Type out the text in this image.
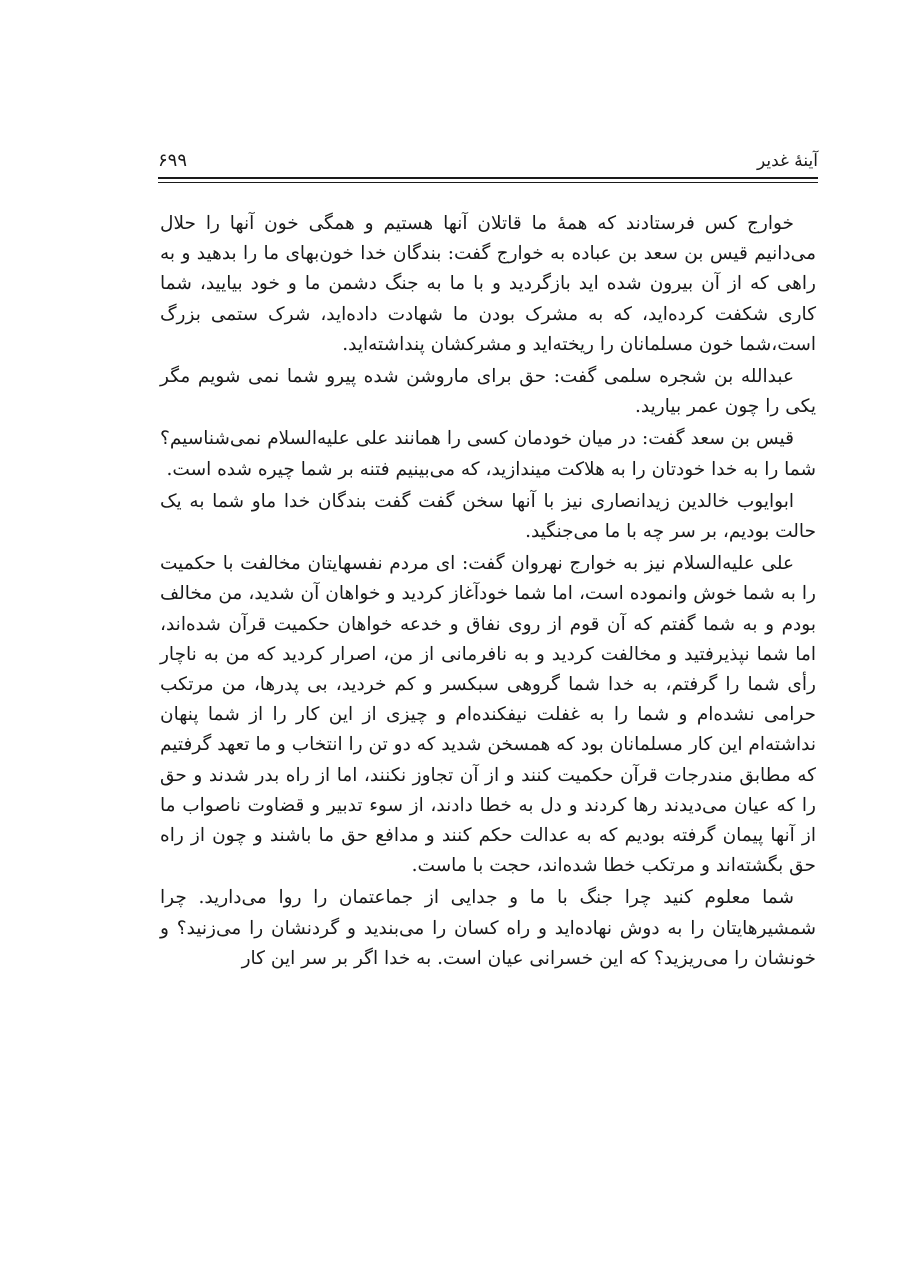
آینهٔ غدیر
۶۹۹

خوارج کس فرستادند که همهٔ ما قاتلان آنها هستیم و همگی خون آنها را حلال می‌دانیم قیس بن سعد بن عباده به خوارج گفت: بندگان خدا خون‌بهای ما را بدهید و به راهی که از آن بیرون شده اید بازگردید و با ما به جنگ دشمن ما و خود بیایید، شما کاری شکفت کرده‌اید، که به مشرک بودن ما شهادت داده‌اید، شرک ستمی بزرگ است،شما خون مسلمانان را ریخته‌اید و مشرکشان پنداشته‌اید.

عبدالله بن شجره سلمی گفت: حق برای ماروشن شده پیرو شما نمی شویم مگر یکی را چون عمر بیارید.

قیس بن سعد گفت: در میان خودمان کسی را همانند علی عليه‌السلام نمی‌شناسیم؟ شما را به خدا خودتان را به هلاکت میندازید، که می‌بینیم فتنه بر شما چیره شده است.

ابوایوب خالدین زیدانصاری نیز با آنها سخن گفت گفت بندگان خدا ماو شما به یک حالت بودیم، بر سر چه با ما می‌جنگید.

علی عليه‌السلام نیز به خوارج نهروان گفت: ای مردم نفسهایتان مخالفت با حکمیت را به شما خوش وانموده است، اما شما خودآغاز کردید و خواهان آن شدید، من مخالف بودم و به شما گفتم که آن قوم از روی نفاق و خدعه خواهان حکمیت قرآن شده‌اند، اما شما نپذیرفتید و مخالفت کردید و به نافرمانی از من، اصرار کردید که من به ناچار رأی شما را گرفتم، به خدا شما گروهی سبکسر و کم خردید، بی پدرها، من مرتکب حرامی نشده‌ام و شما را به غفلت نیفکنده‌ام و چیزی از این کار را از شما پنهان نداشته‌ام این کار مسلمانان بود که همسخن شدید که دو تن را انتخاب و ما تعهد گرفتیم که مطابق مندرجات قرآن حکمیت کنند و از آن تجاوز نکنند، اما از راه بدر شدند و حق را که عیان می‌دیدند رها کردند و دل به خطا دادند، از سوء تدبیر و قضاوت ناصواب ما از آنها پیمان گرفته بودیم که به عدالت حکم کنند و مدافع حق ما باشند و چون از راه حق بگشته‌اند و مرتکب خطا شده‌اند، حجت با ماست.

شما معلوم کنید چرا جنگ با ما و جدایی از جماعتمان را روا می‌دارید. چرا شمشیرهایتان را به دوش نهاده‌اید و راه کسان را می‌بندید و گردنشان را می‌زنید؟ و خونشان را می‌ریزید؟ که این خسرانی عیان است. به خدا اگر بر سر این کار
